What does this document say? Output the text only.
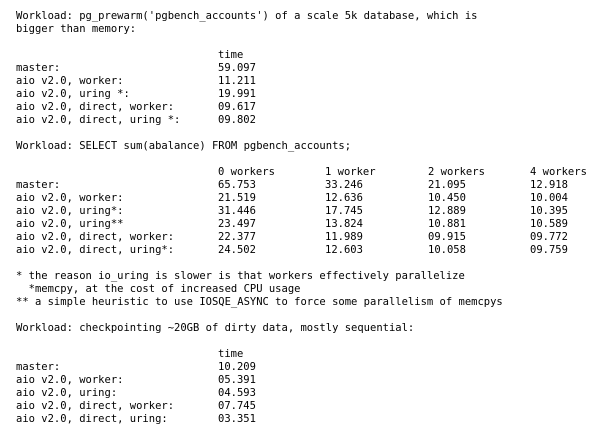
Workload: pg_prewarm('pgbench_accounts') of a scale 5k database, which is
bigger than memory:
time
master:	59.097
aio v2.0, worker:	11.211
aio v2.0, uring *:	19.991
aio v2.0, direct, worker:	09.617
aio v2.0, direct, uring *:	09.802
Workload: SELECT sum(abalance) FROM pgbench_accounts;
0 workers	1 worker	2 workers	4 workers
master:	65.753	33.246	21.095	12.918
aio v2.0, worker:	21.519	12.636	10.450	10.004
aio v2.0, uring*:	31.446	17.745	12.889	10.395
aio v2.0, uring**	23.497	13.824	10.881	10.589
aio v2.0, direct, worker:	22.377	11.989	09.915	09.772
aio v2.0, direct, uring*:	24.502	12.603	10.058	09.759
* the reason io_uring is slower is that workers effectively parallelize
*memcpy, at the cost of increased CPU usage
** a simple heuristic to use IOSQE_ASYNC to force some parallelism of memcpys
Workload: checkpointing ~20GB of dirty data, mostly sequential:
time
master:	10.209
aio v2.0, worker:	05.391
aio v2.0, uring:	04.593
aio v2.0, direct, worker:	07.745
aio v2.0, direct, uring:	03.351
